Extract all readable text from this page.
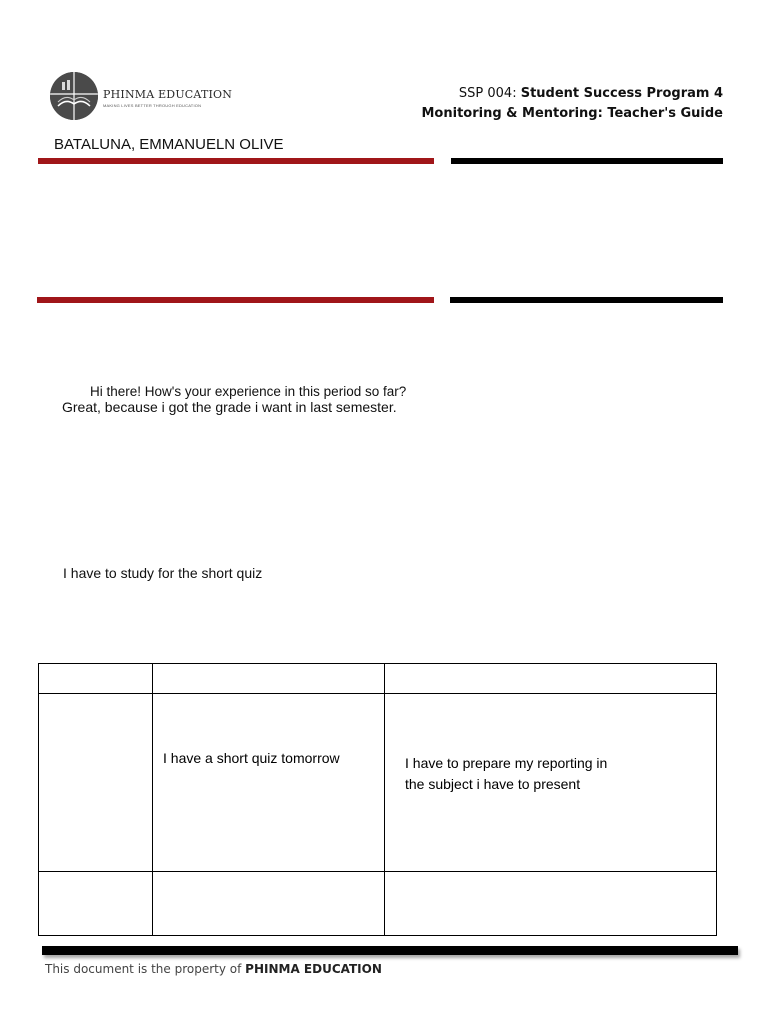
PHINMA EDUCATION
MAKING LIVES BETTER THROUGH EDUCATION
SSP 004: Student Success Program 4
Monitoring & Mentoring: Teacher's Guide
BATALUNA, EMMANUELN OLIVE
Hi there! How's your experience in this period so far?
Great, because i got the grade i want in last semester.
I have to study for the short quiz

	I have a short quiz tomorrow	I have to prepare my reporting in
the subject i have to present

This document is the property of PHINMA EDUCATION
